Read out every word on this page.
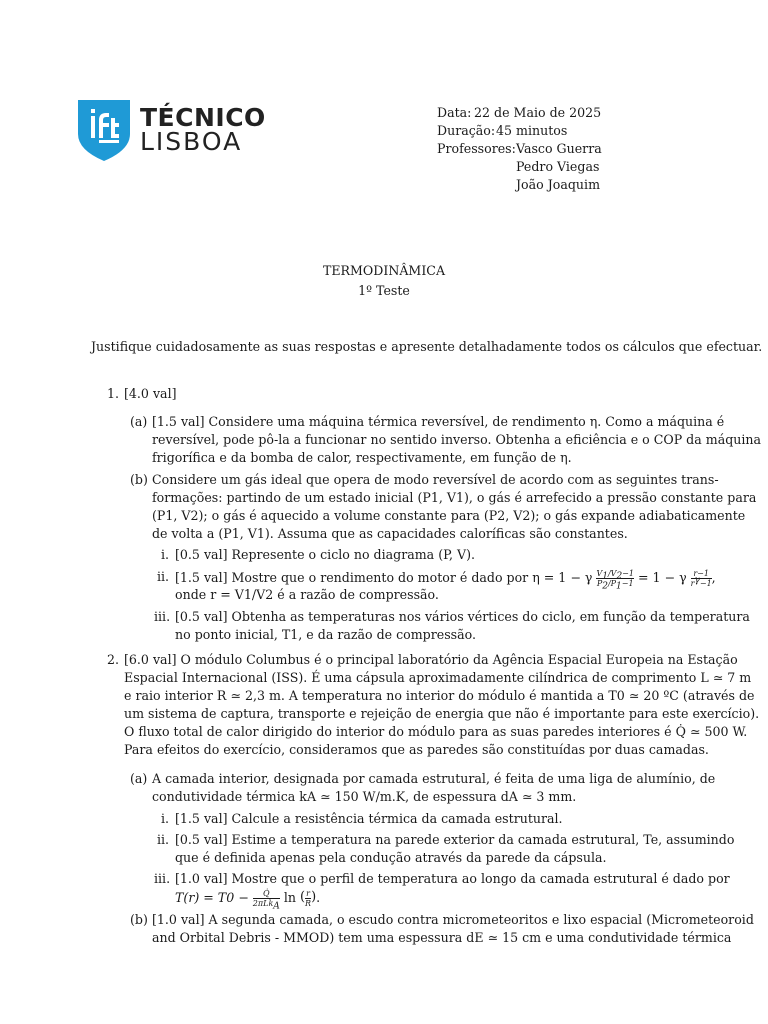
TÉCNICO
LISBOA
Data: 22 de Maio de 2025
Duração: 45 minutos
Professores: Vasco Guerra
Pedro Viegas
João Joaquim
TERMODINÂMICA
1º Teste
Justifique cuidadosamente as suas respostas e apresente detalhadamente todos os cálculos que efectuar.
1. [4.0 val]
(a) [1.5 val] Considere uma máquina térmica reversível, de rendimento η. Como a máquina é
reversível, pode pô-la a funcionar no sentido inverso. Obtenha a eficiência e o COP da máquina
frigorífica e da bomba de calor, respectivamente, em função de η.
(b) Considere um gás ideal que opera de modo reversível de acordo com as seguintes trans-
formações: partindo de um estado inicial (P1, V1), o gás é arrefecido a pressão constante para
(P1, V2); o gás é aquecido a volume constante para (P2, V2); o gás expande adiabaticamente
de volta a (P1, V1). Assuma que as capacidades caloríficas são constantes.
i. [0.5 val] Represente o ciclo no diagrama (P, V).
ii. [1.5 val] Mostre que o rendimento do motor é dado por η = 1 − γ $\frac{V_1/V_2-1}{P_2/P_1-1} = 1 - \gamma \frac{r-1}{r^\gamma-1}$ ,
onde r = V1/V2 é a razão de compressão.
iii. [0.5 val] Obtenha as temperaturas nos vários vértices do ciclo, em função da temperatura
no ponto inicial, T1, e da razão de compressão.
2. [6.0 val] O módulo Columbus é o principal laboratório da Agência Espacial Europeia na Estação
Espacial Internacional (ISS). É uma cápsula aproximadamente cilíndrica de comprimento L ≃ 7 m
e raio interior R ≃ 2,3 m. A temperatura no interior do módulo é mantida a T0 ≃ 20 ºC (através de
um sistema de captura, transporte e rejeição de energia que não é importante para este exercício).
O fluxo total de calor dirigido do interior do módulo para as suas paredes interiores é Q̇ ≃ 500 W.
Para efeitos do exercício, consideramos que as paredes são constituídas por duas camadas.
(a) A camada interior, designada por camada estrutural, é feita de uma liga de alumínio, de
condutividade térmica kA ≃ 150 W/m.K, de espessura dA ≃ 3 mm.
i. [1.5 val] Calcule a resistência térmica da camada estrutural.
ii. [0.5 val] Estime a temperatura na parede exterior da camada estrutural, Te, assumindo
que é definida apenas pela condução através da parede da cápsula.
iii. [1.0 val] Mostre que o perfil de temperatura ao longo da camada estrutural é dado por
T(r) = T0 −	Q̇
2πLk$_A$
ln ( $\frac{r}{R}$ ).
(b) [1.0 val] A segunda camada, o escudo contra micrometeoritos e lixo espacial (Micrometeoroid
and Orbital Debris - MMOD) tem uma espessura dE ≃ 15 cm e uma condutividade térmica
